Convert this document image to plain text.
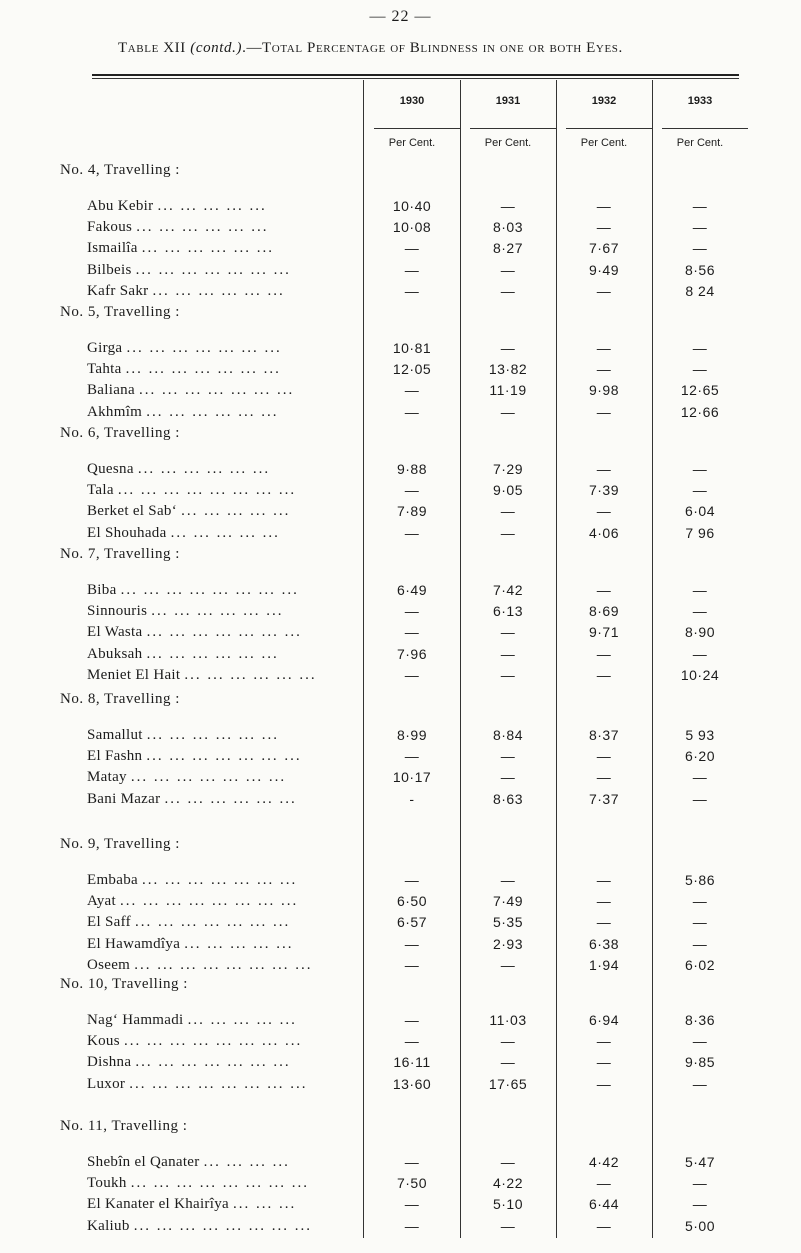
— 22 —
Table XII (contd.).—Total Percentage of Blindness in one or both Eyes.
1930	1931	1932	1933
Per Cent.	Per Cent.	Per Cent.	Per Cent.
No. 4, Travelling :
Abu Kebir ... ... ... ... ...	10·40	—	—	—
Fakous ... ... ... ... ... ...	10·08	8·03	—	—
Ismailîa ... ... ... ... ... ...	—	8·27	7·67	—
Bilbeis ... ... ... ... ... ... ...	—	—	9·49	8·56
Kafr Sakr ... ... ... ... ... ...	—	—	—	8 24
No. 5, Travelling :
Girga ... ... ... ... ... ... ...	10·81	—	—	—
Tahta ... ... ... ... ... ... ...	12·05	13·82	—	—
Baliana ... ... ... ... ... ... ...	—	11·19	9·98	12·65
Akhmîm ... ... ... ... ... ...	—	—	—	12·66
No. 6, Travelling :
Quesna ... ... ... ... ... ...	9·88	7·29	—	—
Tala ... ... ... ... ... ... ... ...	—	9·05	7·39	—
Berket el Sab‘ ... ... ... ... ...	7·89	—	—	6·04
El Shouhada ... ... ... ... ...	—	—	4·06	7 96
No. 7, Travelling :
Biba ... ... ... ... ... ... ... ...	6·49	7·42	—	—
Sinnouris ... ... ... ... ... ...	—	6·13	8·69	—
El Wasta ... ... ... ... ... ... ...	—	—	9·71	8·90
Abuksah ... ... ... ... ... ...	7·96	—	—	—
Meniet El Hait ... ... ... ... ... ...	—	—	—	10·24
No. 8, Travelling :
Samallut ... ... ... ... ... ...	8·99	8·84	8·37	5 93
El Fashn ... ... ... ... ... ... ...	—	—	—	6·20
Matay ... ... ... ... ... ... ...	10·17	—	—	—
Bani Mazar ... ... ... ... ... ...	-	8·63	7·37	—
No. 9, Travelling :
Embaba ... ... ... ... ... ... ...	—	—	—	5·86
Ayat ... ... ... ... ... ... ... ...	6·50	7·49	—	—
El Saff ... ... ... ... ... ... ...	6·57	5·35	—	—
El Hawamdîya ... ... ... ... ...	—	2·93	6·38	—
Oseem ... ... ... ... ... ... ... ...	—	—	1·94	6·02
No. 10, Travelling :
Nag‘ Hammadi ... ... ... ... ...	—	11·03	6·94	8·36
Kous ... ... ... ... ... ... ... ...	—	—	—	—
Dishna ... ... ... ... ... ... ...	16·11	—	—	9·85
Luxor ... ... ... ... ... ... ... ...	13·60	17·65	—	—
No. 11, Travelling :
Shebîn el Qanater ... ... ... ...	—	—	4·42	5·47
Toukh ... ... ... ... ... ... ... ...	7·50	4·22	—	—
El Kanater el Khairîya ... ... ...	—	5·10	6·44	—
Kaliub ... ... ... ... ... ... ... ...	—	—	—	5·00
